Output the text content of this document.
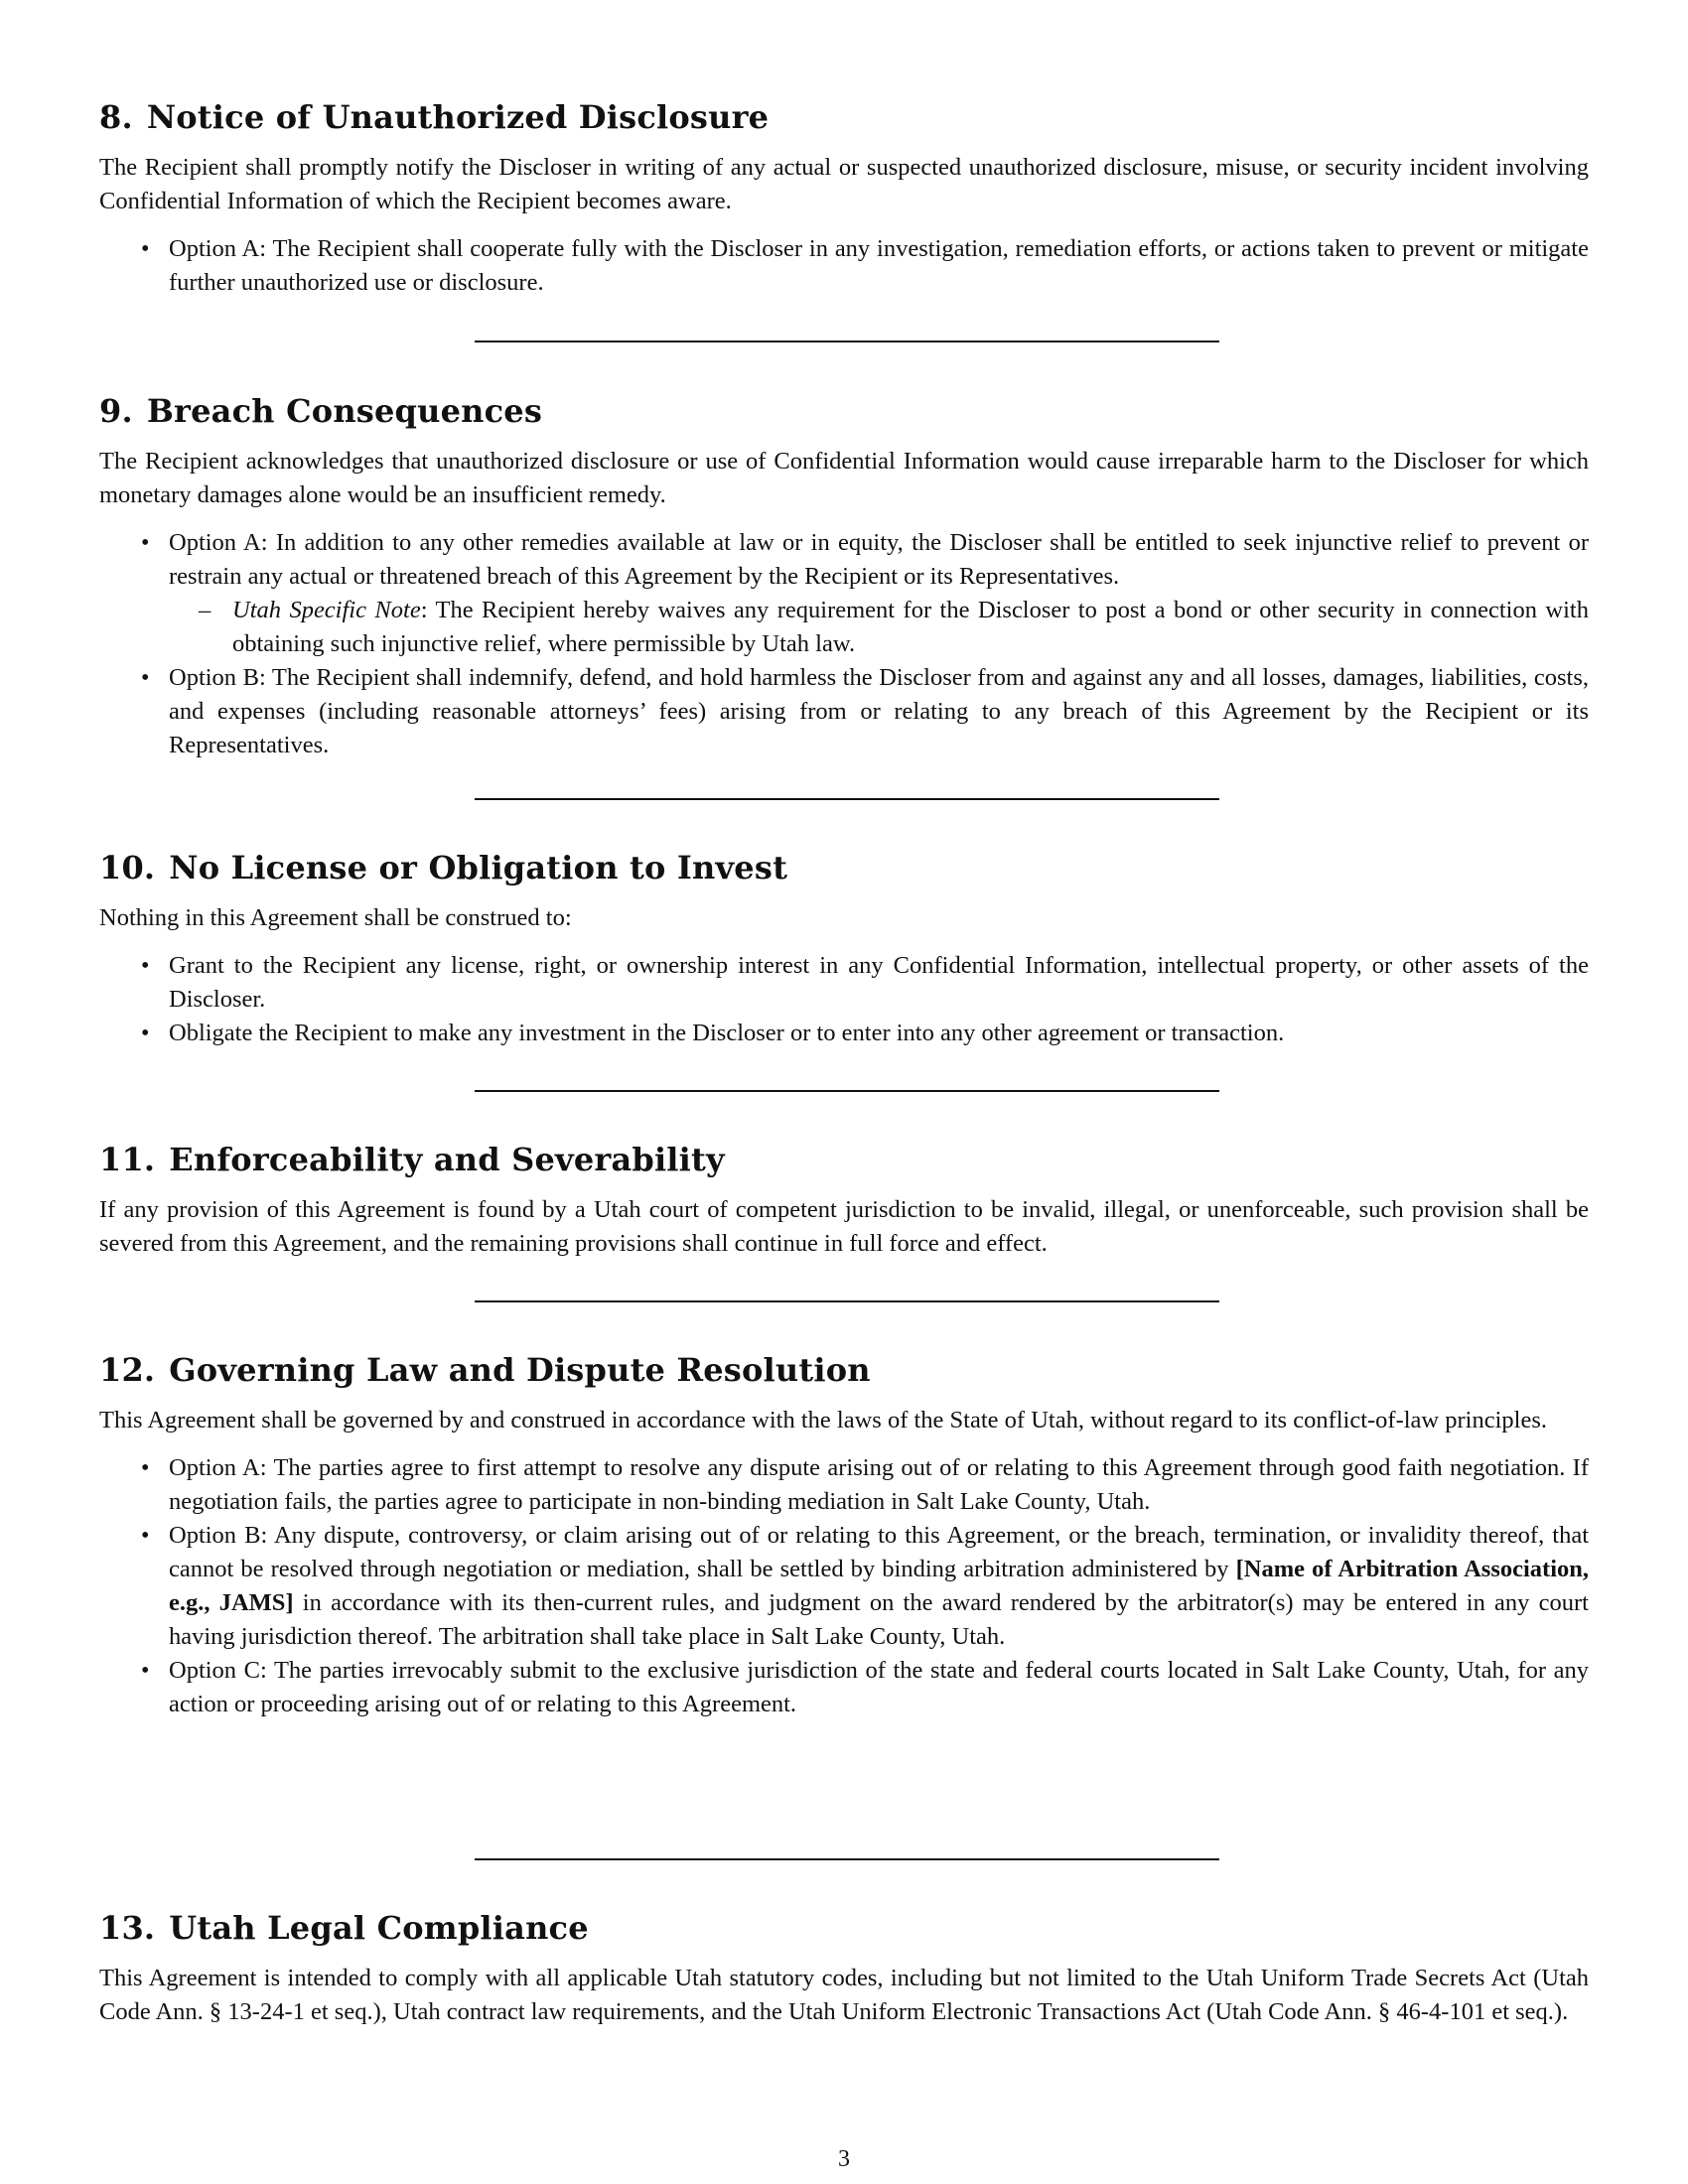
8. Notice of Unauthorized Disclosure

The Recipient shall promptly notify the Discloser in writing of any actual or suspected unauthorized disclosure, misuse, or security incident involving Confidential Information of which the Recipient becomes aware.

• Option A: The Recipient shall cooperate fully with the Discloser in any investigation, remediation efforts, or actions taken to prevent or mitigate further unauthorized use or disclosure.
9. Breach Consequences

The Recipient acknowledges that unauthorized disclosure or use of Confidential Information would cause irreparable harm to the Discloser for which monetary damages alone would be an insufficient remedy.

• Option A: In addition to any other remedies available at law or in equity, the Discloser shall be entitled to seek injunctive relief to prevent or restrain any actual or threatened breach of this Agreement by the Recipient or its Representatives.
– Utah Specific Note: The Recipient hereby waives any requirement for the Discloser to post a bond or other security in connection with obtaining such injunctive relief, where permissible by Utah law.
• Option B: The Recipient shall indemnify, defend, and hold harmless the Discloser from and against any and all losses, damages, liabilities, costs, and expenses (including reasonable attorneys’ fees) arising from or relating to any breach of this Agreement by the Recipient or its Representatives.
10. No License or Obligation to Invest

Nothing in this Agreement shall be construed to:

• Grant to the Recipient any license, right, or ownership interest in any Confidential Information, intellectual property, or other assets of the Discloser.
• Obligate the Recipient to make any investment in the Discloser or to enter into any other agreement or transaction.
11. Enforceability and Severability

If any provision of this Agreement is found by a Utah court of competent jurisdiction to be invalid, illegal, or unenforceable, such provision shall be severed from this Agreement, and the remaining provisions shall continue in full force and effect.

12. Governing Law and Dispute Resolution

This Agreement shall be governed by and construed in accordance with the laws of the State of Utah, without regard to its conflict-of-law principles.

• Option A: The parties agree to first attempt to resolve any dispute arising out of or relating to this Agreement through good faith negotiation. If negotiation fails, the parties agree to participate in non-binding mediation in Salt Lake County, Utah.
• Option B: Any dispute, controversy, or claim arising out of or relating to this Agreement, or the breach, termination, or invalidity thereof, that cannot be resolved through negotiation or mediation, shall be settled by binding arbitration administered by [Name of Arbitration Association, e.g., JAMS] in accordance with its then-current rules, and judgment on the award rendered by the arbitrator(s) may be entered in any court having jurisdiction thereof. The arbitration shall take place in Salt Lake County, Utah.
• Option C: The parties irrevocably submit to the exclusive jurisdiction of the state and federal courts located in Salt Lake County, Utah, for any action or proceeding arising out of or relating to this Agreement.
13. Utah Legal Compliance

This Agreement is intended to comply with all applicable Utah statutory codes, including but not limited to the Utah Uniform Trade Secrets Act (Utah Code Ann. § 13-24-1 et seq.), Utah contract law requirements, and the Utah Uniform Electronic Transactions Act (Utah Code Ann. § 46-4-101 et seq.).

3
